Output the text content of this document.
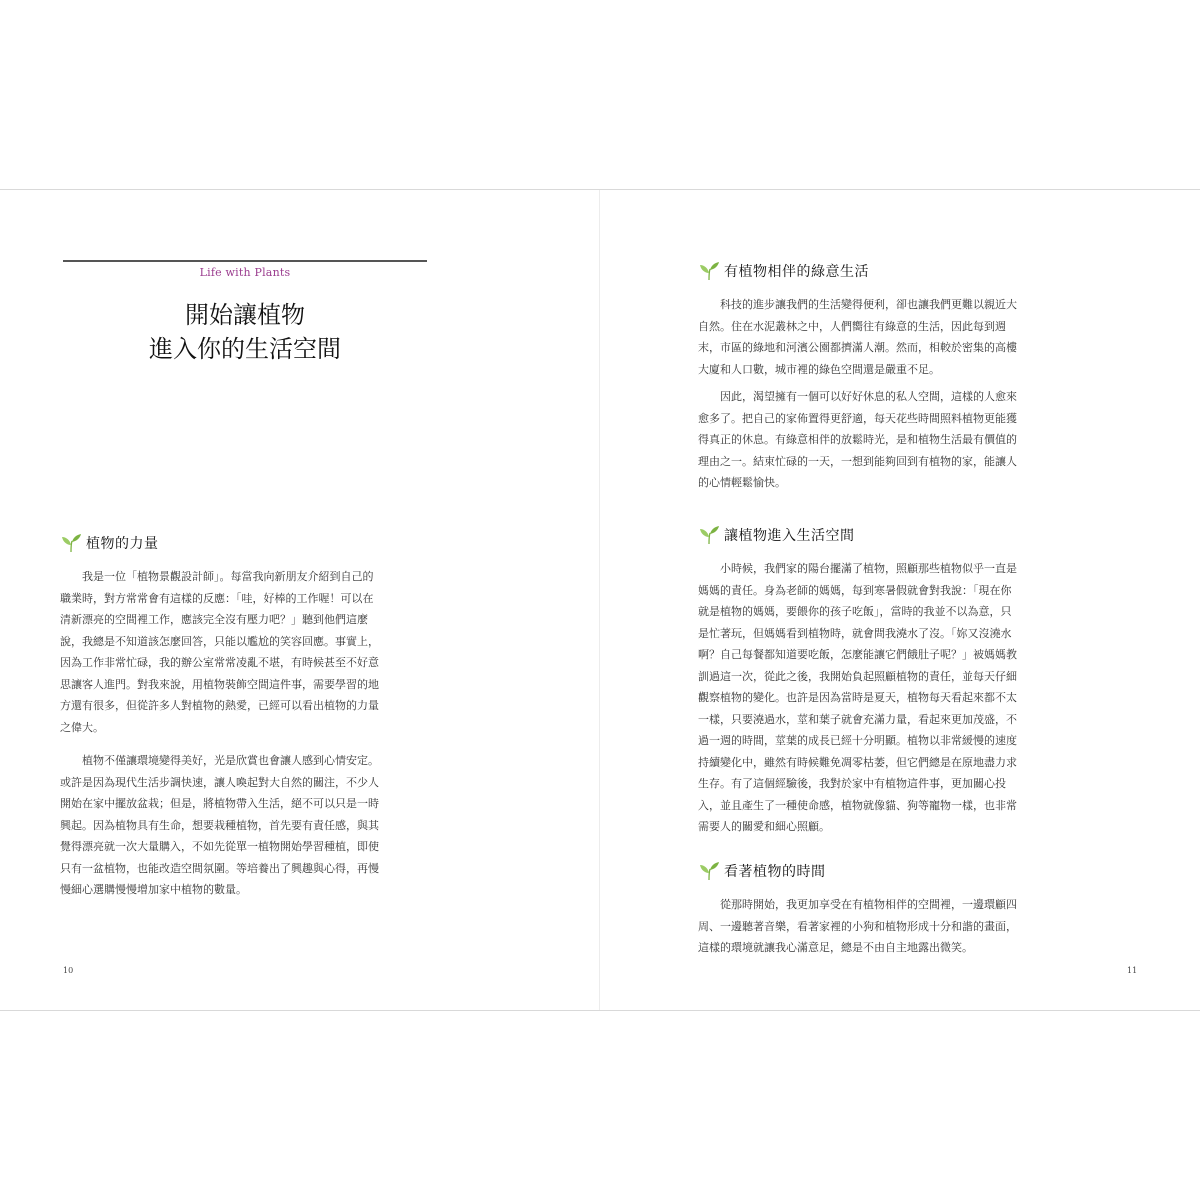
Life with Plants
開始讓植物
進入你的生活空間
植物的力量
我是一位「植物景觀設計師」。每當我向新朋友介紹到自己的
職業時，對方常常會有這樣的反應：「哇，好棒的工作喔！可以在
清新漂亮的空間裡工作，應該完全沒有壓力吧？」聽到他們這麼
說，我總是不知道該怎麼回答，只能以尷尬的笑容回應。事實上，
因為工作非常忙碌，我的辦公室常常凌亂不堪，有時候甚至不好意
思讓客人進門。對我來說，用植物裝飾空間這件事，需要學習的地
方還有很多，但從許多人對植物的熱愛，已經可以看出植物的力量
之偉大。
植物不僅讓環境變得美好，光是欣賞也會讓人感到心情安定。
或許是因為現代生活步調快速，讓人喚起對大自然的關注，不少人
開始在家中擺放盆栽；但是，將植物帶入生活，絕不可以只是一時
興起。因為植物具有生命，想要栽種植物，首先要有責任感，與其
覺得漂亮就一次大量購入，不如先從單一植物開始學習種植，即使
只有一盆植物，也能改造空間氛圍。等培養出了興趣與心得，再慢
慢細心選購慢慢增加家中植物的數量。
10
有植物相伴的綠意生活
科技的進步讓我們的生活變得便利，卻也讓我們更難以親近大
自然。住在水泥叢林之中，人們嚮往有綠意的生活，因此每到週
末，市區的綠地和河濱公園都擠滿人潮。然而，相較於密集的高樓
大廈和人口數，城市裡的綠色空間還是嚴重不足。
因此，渴望擁有一個可以好好休息的私人空間，這樣的人愈來
愈多了。把自己的家佈置得更舒適，每天花些時間照料植物更能獲
得真正的休息。有綠意相伴的放鬆時光，是和植物生活最有價值的
理由之一。結束忙碌的一天，一想到能夠回到有植物的家，能讓人
的心情輕鬆愉快。
讓植物進入生活空間
小時候，我們家的陽台擺滿了植物，照顧那些植物似乎一直是
媽媽的責任。身為老師的媽媽，每到寒暑假就會對我說：「現在你
就是植物的媽媽，要餵你的孩子吃飯」，當時的我並不以為意，只
是忙著玩，但媽媽看到植物時，就會問我澆水了沒。「妳又沒澆水
啊？自己每餐都知道要吃飯，怎麼能讓它們餓肚子呢？」被媽媽教
訓過這一次，從此之後，我開始負起照顧植物的責任，並每天仔細
觀察植物的變化。也許是因為當時是夏天，植物每天看起來都不太
一樣，只要澆過水，莖和葉子就會充滿力量，看起來更加茂盛，不
過一週的時間，莖葉的成長已經十分明顯。植物以非常緩慢的速度
持續變化中，雖然有時候難免凋零枯萎，但它們總是在原地盡力求
生存。有了這個經驗後，我對於家中有植物這件事，更加關心投
入，並且產生了一種使命感，植物就像貓、狗等寵物一樣，也非常
需要人的關愛和細心照顧。
看著植物的時間
從那時開始，我更加享受在有植物相伴的空間裡，一邊環顧四
周、一邊聽著音樂，看著家裡的小狗和植物形成十分和諧的畫面，
這樣的環境就讓我心滿意足，總是不由自主地露出微笑。
11
